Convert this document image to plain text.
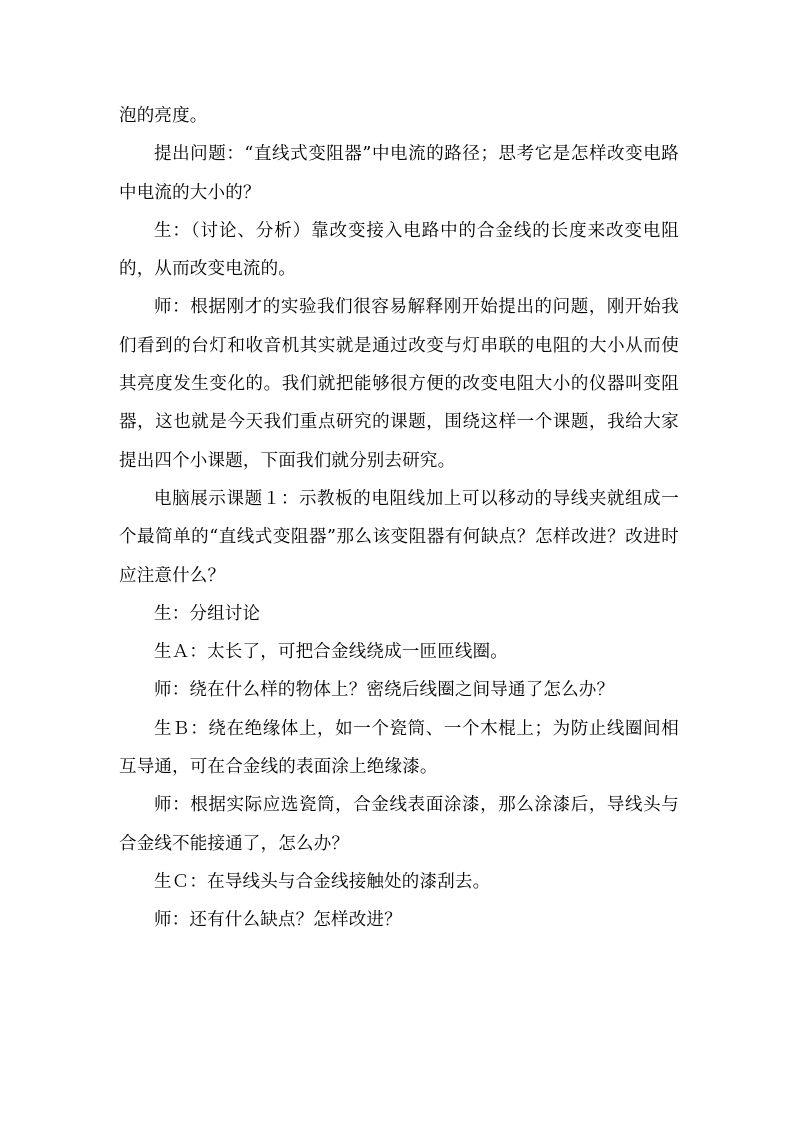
泡的亮度。

提出问题：“直线式变阻器”中电流的路径；思考它是怎样改变电路中电流的大小的？

生：（讨论、分析）靠改变接入电路中的合金线的长度来改变电阻的，从而改变电流的。

师：根据刚才的实验我们很容易解释刚开始提出的问题，刚开始我们看到的台灯和收音机其实就是通过改变与灯串联的电阻的大小从而使其亮度发生变化的。我们就把能够很方便的改变电阻大小的仪器叫变阻器，这也就是今天我们重点研究的课题，围绕这样一个课题，我给大家提出四个小课题，下面我们就分别去研究。

电脑展示课题１：示教板的电阻线加上可以移动的导线夹就组成一个最简单的“直线式变阻器”那么该变阻器有何缺点？怎样改进？改进时应注意什么？

生：分组讨论

生Ａ：太长了，可把合金线绕成一匝匝线圈。

师：绕在什么样的物体上？密绕后线圈之间导通了怎么办？

生Ｂ：绕在绝缘体上，如一个瓷筒、一个木棍上；为防止线圈间相互导通，可在合金线的表面涂上绝缘漆。

师：根据实际应选瓷筒，合金线表面涂漆，那么涂漆后，导线头与合金线不能接通了，怎么办？

生Ｃ：在导线头与合金线接触处的漆刮去。

师：还有什么缺点？怎样改进？
